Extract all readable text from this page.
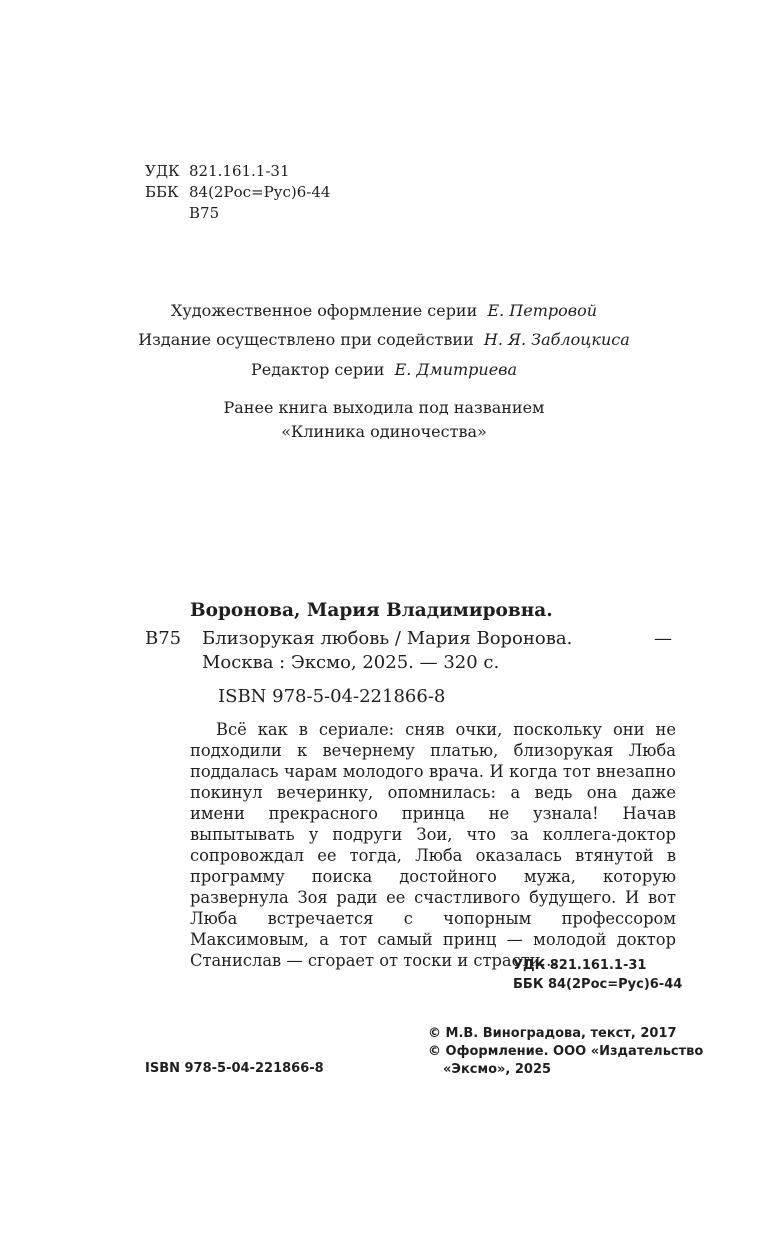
УДК 821.161.1-31
ББК 84(2Рос=Рус)6-44
В75
Художественное оформление серии Е. Петровой
Издание осуществлено при содействии Н. Я. Заблоцкиса
Редактор серии Е. Дмитриева
Ранее книга выходила под названием
«Клиника одиночества»
Воронова, Мария Владимировна.
В75 Близорукая любовь / Мария Воронова.	—
Москва : Эксмо, 2025. — 320 с.
ISBN 978-5-04-221866-8

Всё как в сериале: сняв очки, поскольку они не подходили к вечернему платью, близорукая Люба поддалась чарам молодого врача. И когда тот внезапно покинул вечеринку, опомнилась: а ведь она даже имени прекрасного принца не узнала! Начав выпытывать у подруги Зои, что за коллега-доктор сопровождал ее тогда, Люба оказалась втянутой в программу поиска достойного мужа, которую развернула Зоя ради ее счастливого будущего. И вот Люба встречается с чопорным профессором Максимовым, а тот самый принц — молодой доктор Станислав — сгорает от тоски и страсти…

УДК 821.161.1-31
ББК 84(2Рос=Рус)6-44
ISBN 978-5-04-221866-8
© М.В. Виноградова, текст, 2017
© Оформление. ООО «Издательство
«Эксмо», 2025
